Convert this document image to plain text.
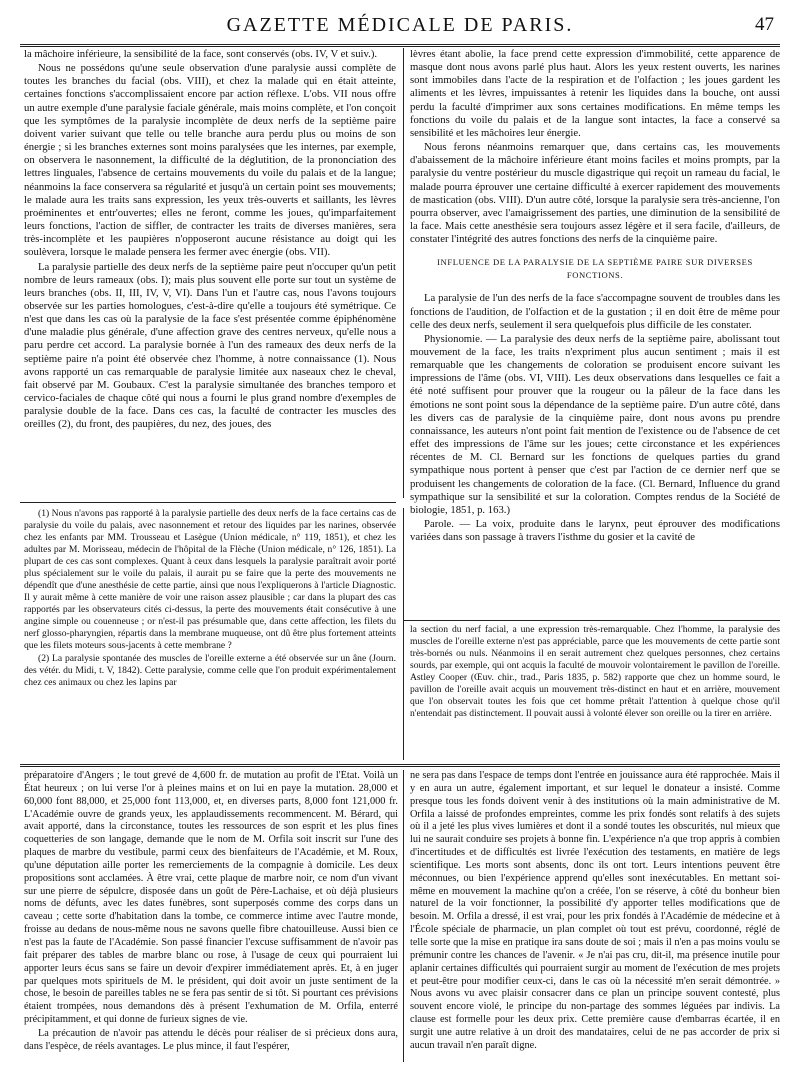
GAZETTE MÉDICALE DE PARIS.	47

la mâchoire inférieure, la sensibilité de la face, sont conservés (obs. IV, V et suiv.).

Nous ne possédons qu'une seule observation d'une paralysie aussi complète de toutes les branches du facial (obs. VIII), et chez la malade qui en était atteinte, certaines fonctions s'accomplissaient encore par action réflexe. L'obs. VII nous offre un autre exemple d'une paralysie faciale générale, mais moins complète, et l'on conçoit que les symptômes de la paralysie incomplète de deux nerfs de la septième paire doivent varier suivant que telle ou telle branche aura perdu plus ou moins de son énergie ; si les branches externes sont moins paralysées que les internes, par exemple, on observera le nasonnement, la difficulté de la déglutition, de la prononciation des lettres linguales, l'absence de certains mouvements du voile du palais et de la langue; néanmoins la face conservera sa régularité et jusqu'à un certain point ses mouvements; le malade aura les traits sans expression, les yeux très-ouverts et saillants, les lèvres proéminentes et entr'ouvertes; elles ne feront, comme les joues, qu'imparfaitement leurs fonctions, l'action de siffler, de contracter les traits de diverses manières, sera très-incomplète et les paupières n'opposeront aucune résistance au doigt qui les soulèvera, lorsque le malade pensera les fermer avec énergie (obs. VII).

La paralysie partielle des deux nerfs de la septième paire peut n'occuper qu'un petit nombre de leurs rameaux (obs. I); mais plus souvent elle porte sur tout un système de leurs branches (obs. II, III, IV, V, VI). Dans l'un et l'autre cas, nous l'avons toujours observée sur les parties homologues, c'est-à-dire qu'elle a toujours été symétrique. Ce n'est que dans les cas où la paralysie de la face s'est présentée comme épiphénomène d'une maladie plus générale, d'une affection grave des centres nerveux, qu'elle nous a paru perdre cet accord. La paralysie bornée à l'un des rameaux des deux nerfs de la septième paire n'a point été observée chez l'homme, à notre connaissance (1). Nous avons rapporté un cas remarquable de paralysie limitée aux naseaux chez le cheval, fait observé par M. Goubaux. C'est la paralysie simultanée des branches temporo et cervico-faciales de chaque côté qui nous a fourni le plus grand nombre d'exemples de paralysie double de la face. Dans ces cas, la faculté de contracter les muscles des oreilles (2), du front, des paupières, du nez, des joues, des

lèvres étant abolie, la face prend cette expression d'immobilité, cette apparence de masque dont nous avons parlé plus haut. Alors les yeux restent ouverts, les narines sont immobiles dans l'acte de la respiration et de l'olfaction ; les joues gardent les aliments et les lèvres, impuissantes à retenir les liquides dans la bouche, ont aussi perdu la faculté d'imprimer aux sons certaines modifications. En même temps les fonctions du voile du palais et de la langue sont intactes, la face a conservé sa sensibilité et les mâchoires leur énergie.

Nous ferons néanmoins remarquer que, dans certains cas, les mouvements d'abaissement de la mâchoire inférieure étant moins faciles et moins prompts, par la paralysie du ventre postérieur du muscle digastrique qui reçoit un rameau du facial, le malade pourra éprouver une certaine difficulté à exercer rapidement des mouvements de mastication (obs. VIII). D'un autre côté, lorsque la paralysie sera très-ancienne, l'on pourra observer, avec l'amaigrissement des parties, une diminution de la sensibilité de la face. Mais cette anesthésie sera toujours assez légère et il sera facile, d'ailleurs, de constater l'intégrité des autres fonctions des nerfs de la cinquième paire.

INFLUENCE DE LA PARALYSIE DE LA SEPTIÈME PAIRE SUR DIVERSES FONCTIONS.

La paralysie de l'un des nerfs de la face s'accompagne souvent de troubles dans les fonctions de l'audition, de l'olfaction et de la gustation ; il en doit être de même pour celle des deux nerfs, seulement il sera quelquefois plus difficile de les constater.

Physionomie. — La paralysie des deux nerfs de la septième paire, abolissant tout mouvement de la face, les traits n'expriment plus aucun sentiment ; mais il est remarquable que les changements de coloration se produisent encore suivant les impressions de l'âme (obs. VI, VIII). Les deux observations dans lesquelles ce fait a été noté suffisent pour prouver que la rougeur ou la pâleur de la face dans les émotions ne sont point sous la dépendance de la septième paire. D'un autre côté, dans les divers cas de paralysie de la cinquième paire, dont nous avons pu prendre connaissance, les auteurs n'ont point fait mention de l'existence ou de l'absence de cet effet des impressions de l'âme sur les joues; cette circonstance et les expériences récentes de M. Cl. Bernard sur les fonctions de quelques parties du grand sympathique nous portent à penser que c'est par l'action de ce dernier nerf que se produisent les changements de coloration de la face. (Cl. Bernard, Influence du grand sympathique sur la sensibilité et sur la coloration. Comptes rendus de la Société de biologie, 1851, p. 163.)

Parole. — La voix, produite dans le larynx, peut éprouver des modifications variées dans son passage à travers l'isthme du gosier et la cavité de

(1) Nous n'avons pas rapporté à la paralysie partielle des deux nerfs de la face certains cas de paralysie du voile du palais, avec nasonnement et retour des liquides par les narines, observée chez les enfants par MM. Trousseau et Lasègue (Union médicale, n° 119, 1851), et chez les adultes par M. Morisseau, médecin de l'hôpital de la Flèche (Union médicale, n° 126, 1851). La plupart de ces cas sont complexes. Quant à ceux dans lesquels la paralysie paraîtrait avoir porté plus spécialement sur le voile du palais, il aurait pu se faire que la perte des mouvements ne dépendît que d'une anesthésie de cette partie, ainsi que nous l'expliquerons à l'article Diagnostic. Il y aurait même à cette manière de voir une raison assez plausible ; car dans la plupart des cas rapportés par les observateurs cités ci-dessus, la perte des mouvements était consécutive à une angine simple ou couenneuse ; or n'est-il pas présumable que, dans cette affection, les filets du nerf glosso-pharyngien, répartis dans la membrane muqueuse, ont dû être plus fortement atteints que les filets moteurs sous-jacents à cette membrane ?

(2) La paralysie spontanée des muscles de l'oreille externe a été observée sur un âne (Journ. des vétér. du Midi, t. V, 1842). Cette paralysie, comme celle que l'on produit expérimentalement chez ces animaux ou chez les lapins par

la section du nerf facial, a une expression très-remarquable. Chez l'homme, la paralysie des muscles de l'oreille externe n'est pas appréciable, parce que les mouvements de cette partie sont très-bornés ou nuls. Néanmoins il en serait autrement chez quelques personnes, chez certains sourds, par exemple, qui ont acquis la faculté de mouvoir volontairement le pavillon de l'oreille. Astley Cooper (Œuv. chir., trad., Paris 1835, p. 582) rapporte que chez un homme sourd, le pavillon de l'oreille avait acquis un mouvement très-distinct en haut et en arrière, mouvement que l'on observait toutes les fois que cet homme prêtait l'attention à quelque chose qu'il n'entendait pas distinctement. Il pouvait aussi à volonté élever son oreille ou la tirer en arrière.

préparatoire d'Angers ; le tout grevé de 4,600 fr. de mutation au profit de l'État. Voilà un État heureux ; on lui verse l'or à pleines mains et on lui en paye la mutation. 28,000 et 60,000 font 88,000, et 25,000 font 113,000, et, en diverses parts, 8,000 font 121,000 fr. L'Académie ouvre de grands yeux, les applaudissements recommencent. M. Bérard, qui avait apporté, dans la circonstance, toutes les ressources de son esprit et les plus fines coquetteries de son langage, demande que le nom de M. Orfila soit inscrit sur l'une des plaques de marbre du vestibule, parmi ceux des bienfaiteurs de l'Académie, et M. Roux, qu'une députation aille porter les remerciements de la compagnie à domicile. Les deux propositions sont acclamées. À être vrai, cette plaque de marbre noir, ce nom d'un vivant sur une pierre de sépulcre, disposée dans un goût de Père-Lachaise, et où déjà plusieurs noms de défunts, avec les dates funèbres, sont superposés comme des corps dans un caveau ; cette sorte d'habitation dans la tombe, ce commerce intime avec l'autre monde, froisse au dedans de nous-même nous ne savons quelle fibre chatouilleuse. Aussi bien ce n'est pas la faute de l'Académie. Son passé financier l'excuse suffisamment de n'avoir pas fait préparer des tables de marbre blanc ou rose, à l'usage de ceux qui pourraient lui apporter leurs écus sans se faire un devoir d'expirer immédiatement après. Et, à en juger par quelques mots spirituels de M. le président, qui doit avoir un juste sentiment de la chose, le besoin de pareilles tables ne se fera pas sentir de si tôt. Si pourtant ces prévisions étaient trompées, nous demandons dès à présent l'exhumation de M. Orfila, enterré précipitamment, et qui donne de furieux signes de vie.

La précaution de n'avoir pas attendu le décès pour réaliser de si précieux dons aura, dans l'espèce, de réels avantages. Le plus mince, il faut l'espérer,

ne sera pas dans l'espace de temps dont l'entrée en jouissance aura été rapprochée. Mais il y en aura un autre, également important, et sur lequel le donateur a insisté. Comme presque tous les fonds doivent venir à des institutions où la main administrative de M. Orfila a laissé de profondes empreintes, comme les prix fondés sont relatifs à des sujets où il a jeté les plus vives lumières et dont il a sondé toutes les obscurités, nul mieux que lui ne saurait conduire ses projets à bonne fin. L'expérience n'a que trop appris à combien d'incertitudes et de difficultés est livrée l'exécution des testaments, en matière de legs scientifique. Les morts sont absents, donc ils ont tort. Leurs intentions peuvent être méconnues, ou bien l'expérience apprend qu'elles sont inexécutables. En mettant soi-même en mouvement la machine qu'on a créée, l'on se réserve, à côté du bonheur bien naturel de la voir fonctionner, la possibilité d'y apporter telles modifications que de besoin. M. Orfila a dressé, il est vrai, pour les prix fondés à l'Académie de médecine et à l'École spéciale de pharmacie, un plan complet où tout est prévu, coordonné, réglé de telle sorte que la mise en pratique ira sans doute de soi ; mais il n'en a pas moins voulu se prémunir contre les chances de l'avenir. « Je n'ai pas cru, dit-il, ma présence inutile pour aplanir certaines difficultés qui pourraient surgir au moment de l'exécution de mes projets et peut-être pour modifier ceux-ci, dans le cas où la nécessité m'en serait démontrée. » Nous avons vu avec plaisir consacrer dans ce plan un principe souvent contesté, plus souvent encore violé, le principe du non-partage des sommes léguées par indivis. La clause est formelle pour les deux prix. Cette première cause d'embarras écartée, il en surgit une autre relative à un droit des mandataires, celui de ne pas accorder de prix si aucun travail n'en paraît digne.
